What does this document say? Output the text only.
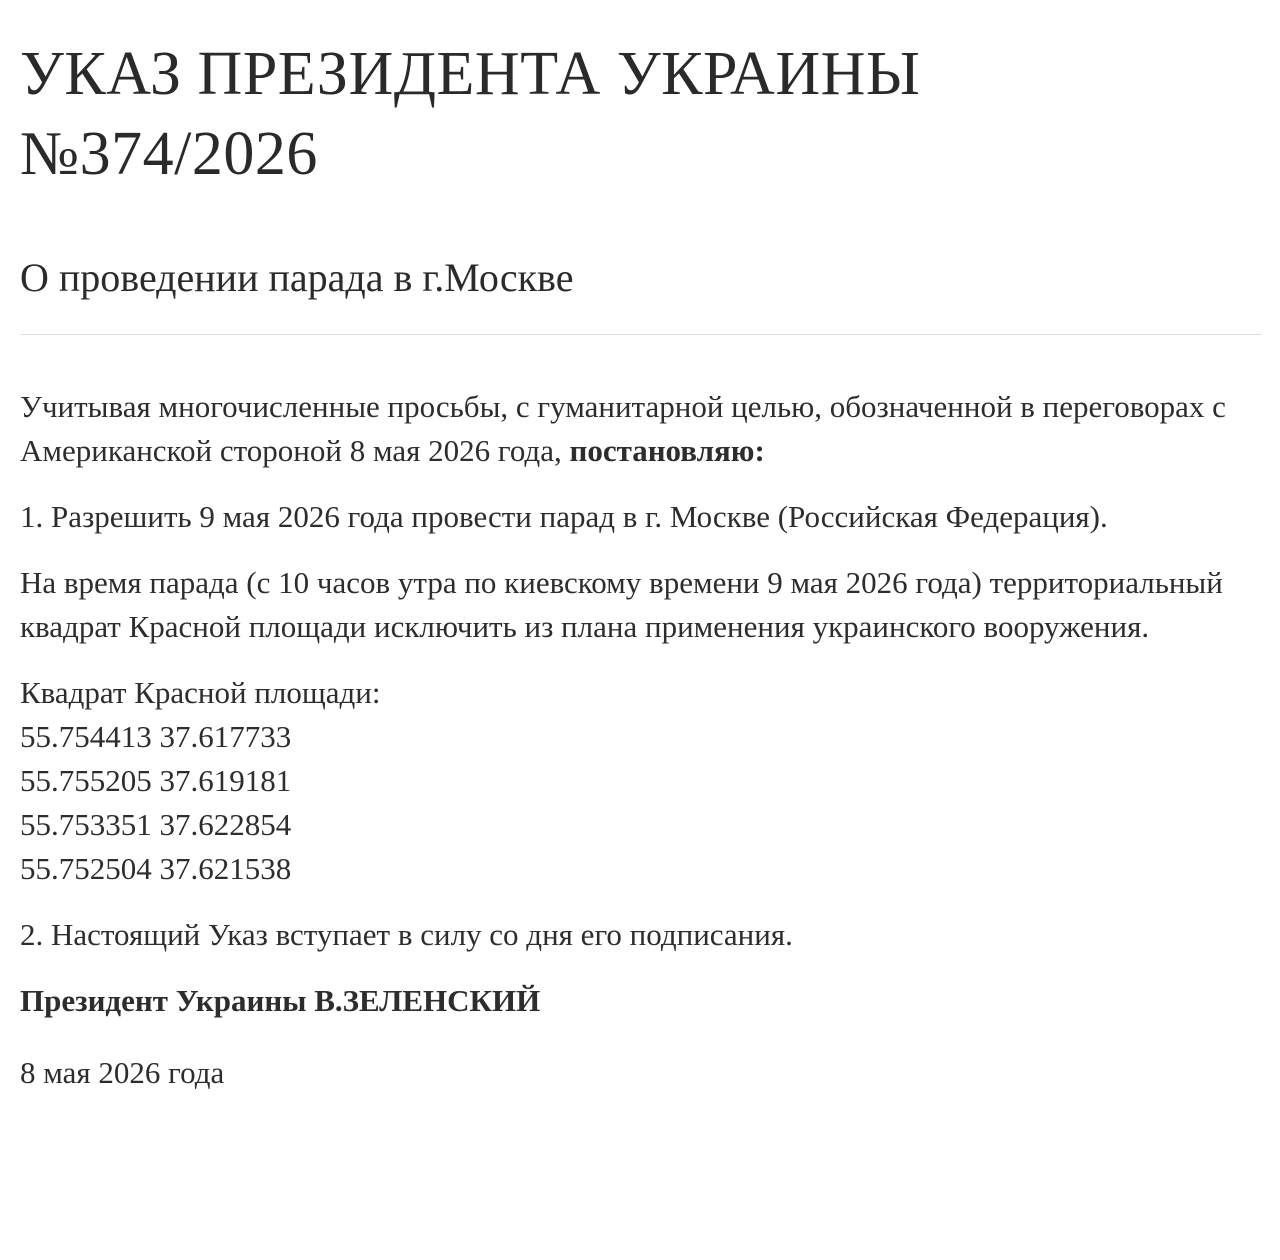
УКАЗ ПРЕЗИДЕНТА УКРАИНЫ
№374/2026
О проведении парада в г.Москве

Учитывая многочисленные просьбы, с гуманитарной целью, обозначенной в переговорах с Американской стороной 8 мая 2026 года, постановляю:

1. Разрешить 9 мая 2026 года провести парад в г. Москве (Российская Федерация).

На время парада (с 10 часов утра по киевскому времени 9 мая 2026 года) территориальный квадрат Красной площади исключить из плана применения украинского вооружения.

Квадрат Красной площади:
55.754413 37.617733
55.755205 37.619181
55.753351 37.622854
55.752504 37.621538

2. Настоящий Указ вступает в силу со дня его подписания.

Президент Украины В.ЗЕЛЕНСКИЙ

8 мая 2026 года
